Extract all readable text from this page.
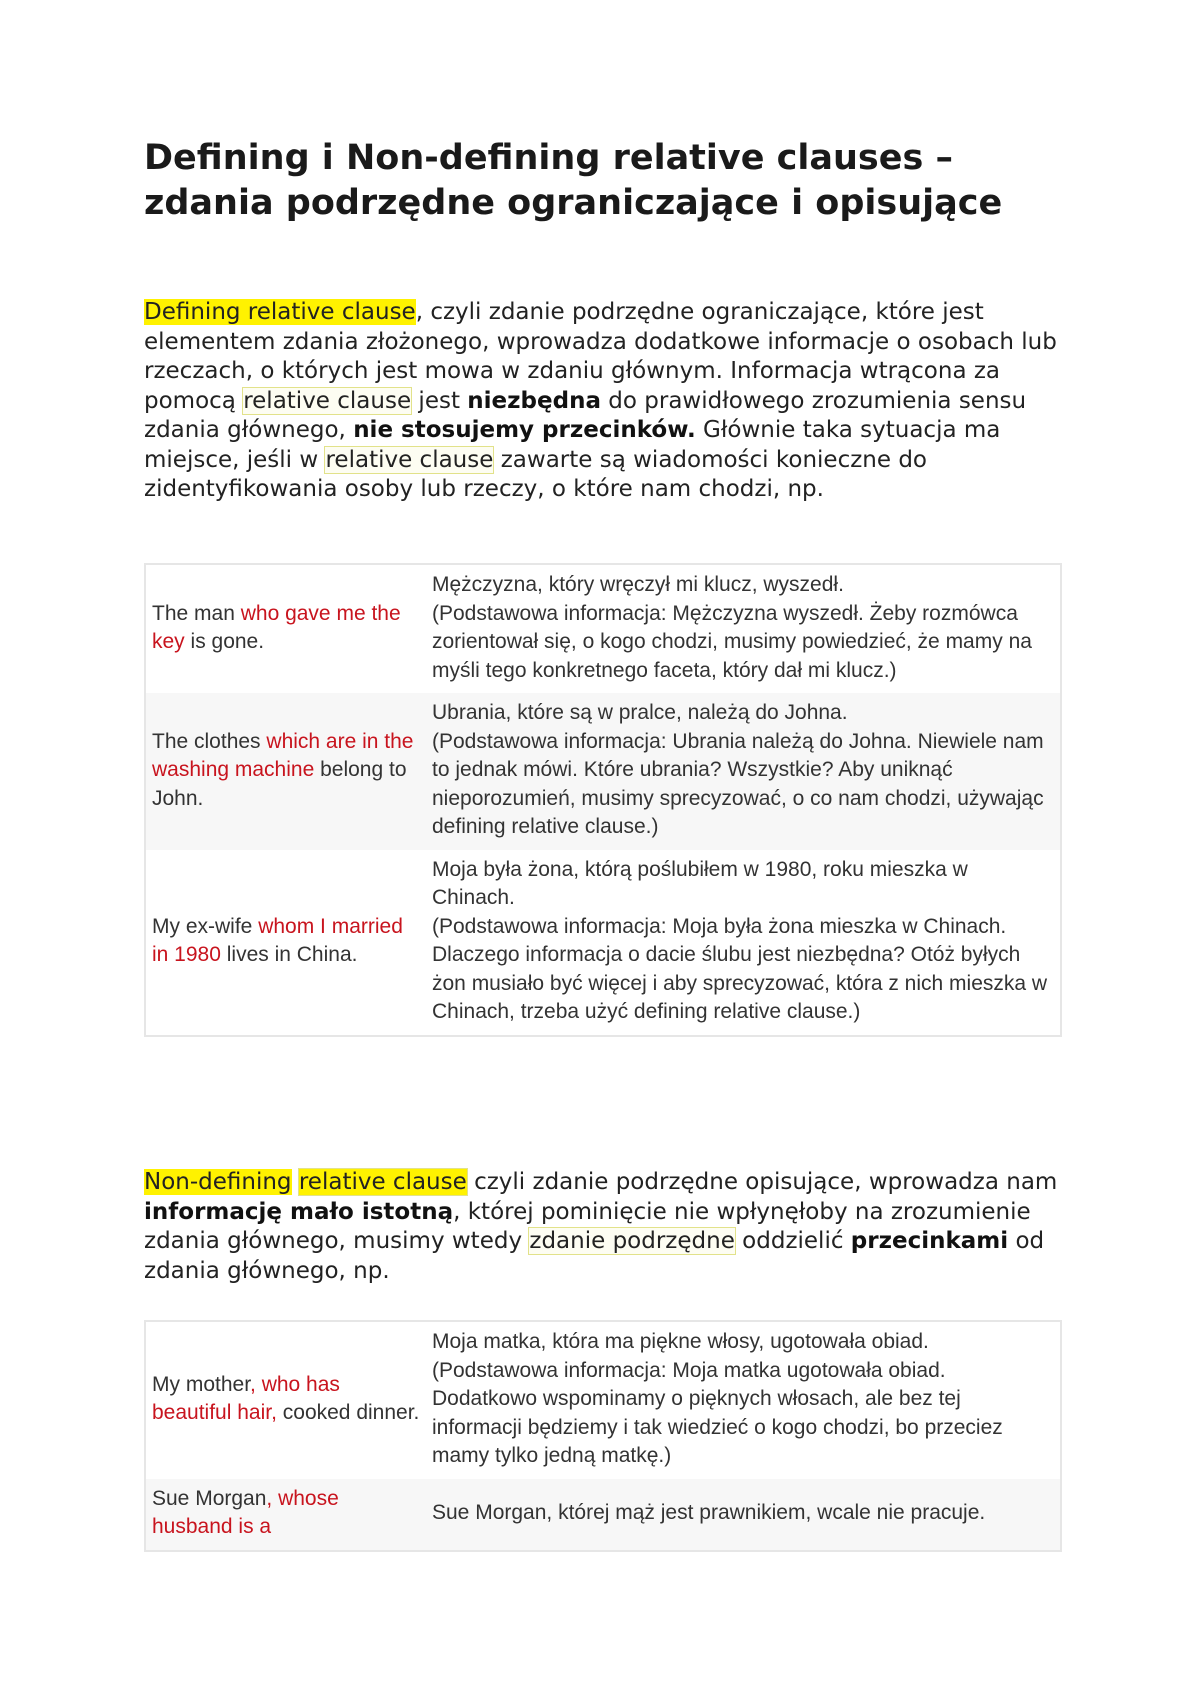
Defining i Non-defining relative clauses – zdania podrzędne ograniczające i opisujące

Defining relative clause, czyli zdanie podrzędne ograniczające, które jest elementem zdania złożonego, wprowadza dodatkowe informacje o osobach lub rzeczach, o których jest mowa w zdaniu głównym. Informacja wtrącona za pomocą relative clause jest niezbędna do prawidłowego zrozumienia sensu zdania głównego, nie stosujemy przecinków. Głównie taka sytuacja ma miejsce, jeśli w relative clause zawarte są wiadomości konieczne do zidentyfikowania osoby lub rzeczy, o które nam chodzi, np.

The man who gave me the key is gone.	Mężczyzna, który wręczył mi klucz, wyszedł.
(Podstawowa informacja: Mężczyzna wyszedł. Żeby rozmówca zorientował się, o kogo chodzi, musimy powiedzieć, że mamy na myśli tego konkretnego faceta, który dał mi klucz.)

The clothes which are in the washing machine belong to John.	Ubrania, które są w pralce, należą do Johna.
(Podstawowa informacja: Ubrania należą do Johna. Niewiele nam to jednak mówi. Które ubrania? Wszystkie? Aby uniknąć nieporozumień, musimy sprecyzować, o co nam chodzi, używając defining relative clause.)

My ex-wife whom I married in 1980 lives in China.	Moja była żona, którą poślubiłem w 1980, roku mieszka w Chinach.
(Podstawowa informacja: Moja była żona mieszka w Chinach. Dlaczego informacja o dacie ślubu jest niezbędna? Otóż byłych żon musiało być więcej i aby sprecyzować, która z nich mieszka w Chinach, trzeba użyć defining relative clause.)

Non-defining relative clause czyli zdanie podrzędne opisujące, wprowadza nam informację mało istotną, której pominięcie nie wpłynęłoby na zrozumienie zdania głównego, musimy wtedy zdanie podrzędne oddzielić przecinkami od zdania głównego, np.

My mother, who has beautiful hair, cooked dinner.	Moja matka, która ma piękne włosy, ugotowała obiad.
(Podstawowa informacja: Moja matka ugotowała obiad. Dodatkowo wspominamy o pięknych włosach, ale bez tej informacji będziemy i tak wiedzieć o kogo chodzi, bo przeciez mamy tylko jedną matkę.)

Sue Morgan, whose husband is a	Sue Morgan, której mąż jest prawnikiem, wcale nie pracuje.
